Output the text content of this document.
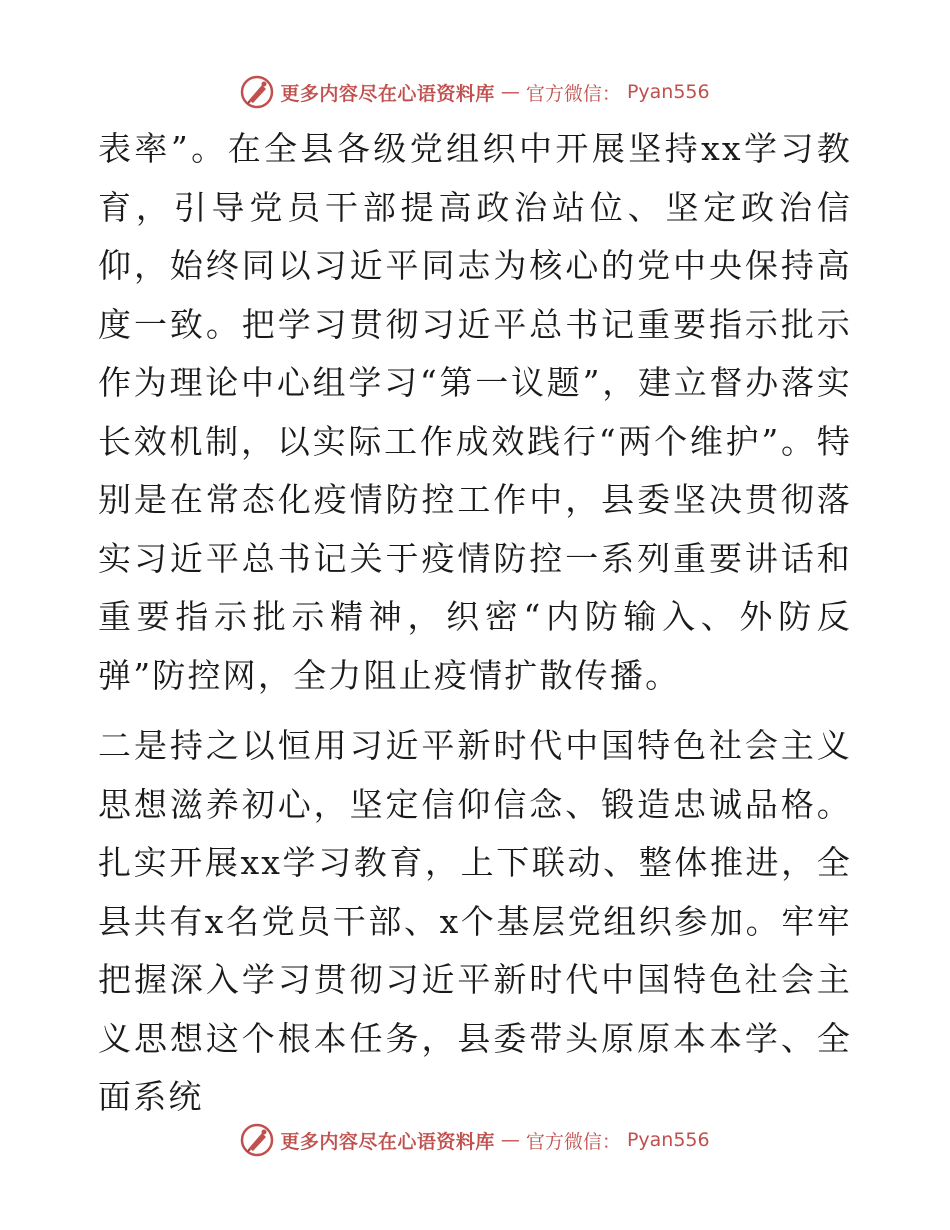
更多内容尽在心语资料库 — 官方微信： Pyan556

表率”。在全县各级党组织中开展坚持xx学习教育，引导党员干部提高政治站位、坚定政治信仰，始终同以习近平同志为核心的党中央保持高度一致。把学习贯彻习近平总书记重要指示批示作为理论中心组学习“第一议题”，建立督办落实长效机制，以实际工作成效践行“两个维护”。特别是在常态化疫情防控工作中，县委坚决贯彻落实习近平总书记关于疫情防控一系列重要讲话和重要指示批示精神，织密“内防输入、外防反弹”防控网，全力阻止疫情扩散传播。

二是持之以恒用习近平新时代中国特色社会主义思想滋养初心，坚定信仰信念、锻造忠诚品格。扎实开展xx学习教育，上下联动、整体推进，全县共有x名党员干部、x个基层党组织参加。牢牢把握深入学习贯彻习近平新时代中国特色社会主义思想这个根本任务，县委带头原原本本学、全面系统

更多内容尽在心语资料库 — 官方微信： Pyan556
